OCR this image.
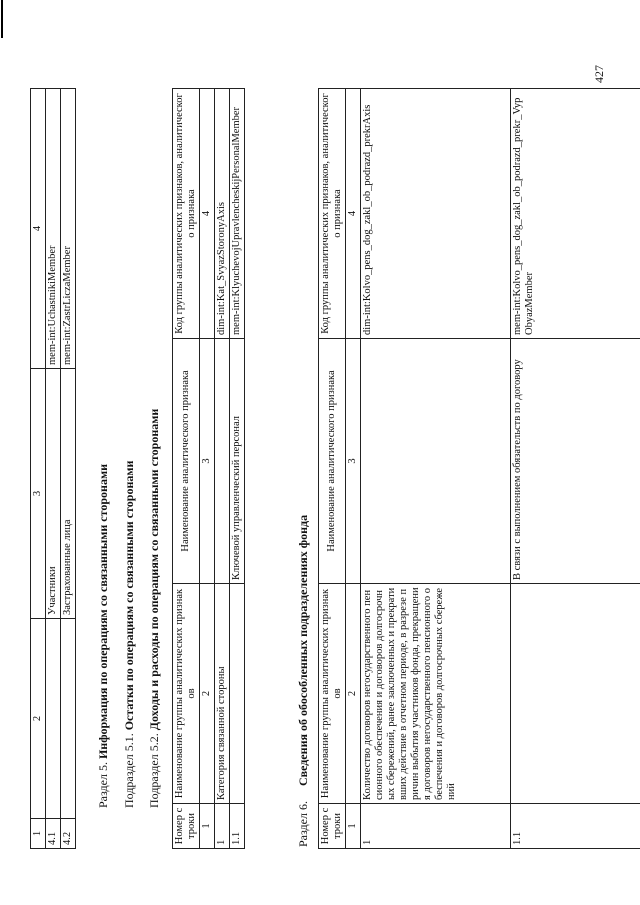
1	2	3	4
4.1		Участники	mem-int:UchastnikiMember
4.2		Застрахованные лица	mem-int:ZastrLiczaMember
Раздел 5. Информация по операциям со связанными сторонами
Подраздел 5.1. Остатки по операциям со связанными сторонами
Подраздел 5.2. Доходы и расходы по операциям со связанными сторонами
Номер строки	Наименование группы аналитических признаков	Наименование аналитического признака	Код группы аналитических признаков, аналитического признака
1	2	3	4
1	Категория связанной стороны		dim-int:Kat_SvyazStoronyAxis
1.1		Ключевой управленческий персонал	mem-int:KlyuchevojUpravlencheskijPersonalMember
Раздел 6.     Сведения об обособленных подразделениях фонда
Номер строки	Наименование группы аналитических признаков	Наименование аналитического признака	Код группы аналитических признаков, аналитического признака
1	2	3	4
1	Количество договоров негосударственного пенсионного обеспечения и договоров долгосрочных сбережений, ранее заключенных и прекративших действие в отчетном периоде, в разрезе причин выбытия участников фонда, прекращения договоров негосударственного пенсионного обеспечения и договоров долгосрочных сбережений		dim-int:Kolvo_pens_dog_zakl_ob_podrazd_prekrAxis
1.1		В связи с выполнением обязательств по договору	mem-int:Kolvo_pens_dog_zakl_ob_podrazd_prekr_VypObyazMember
427
